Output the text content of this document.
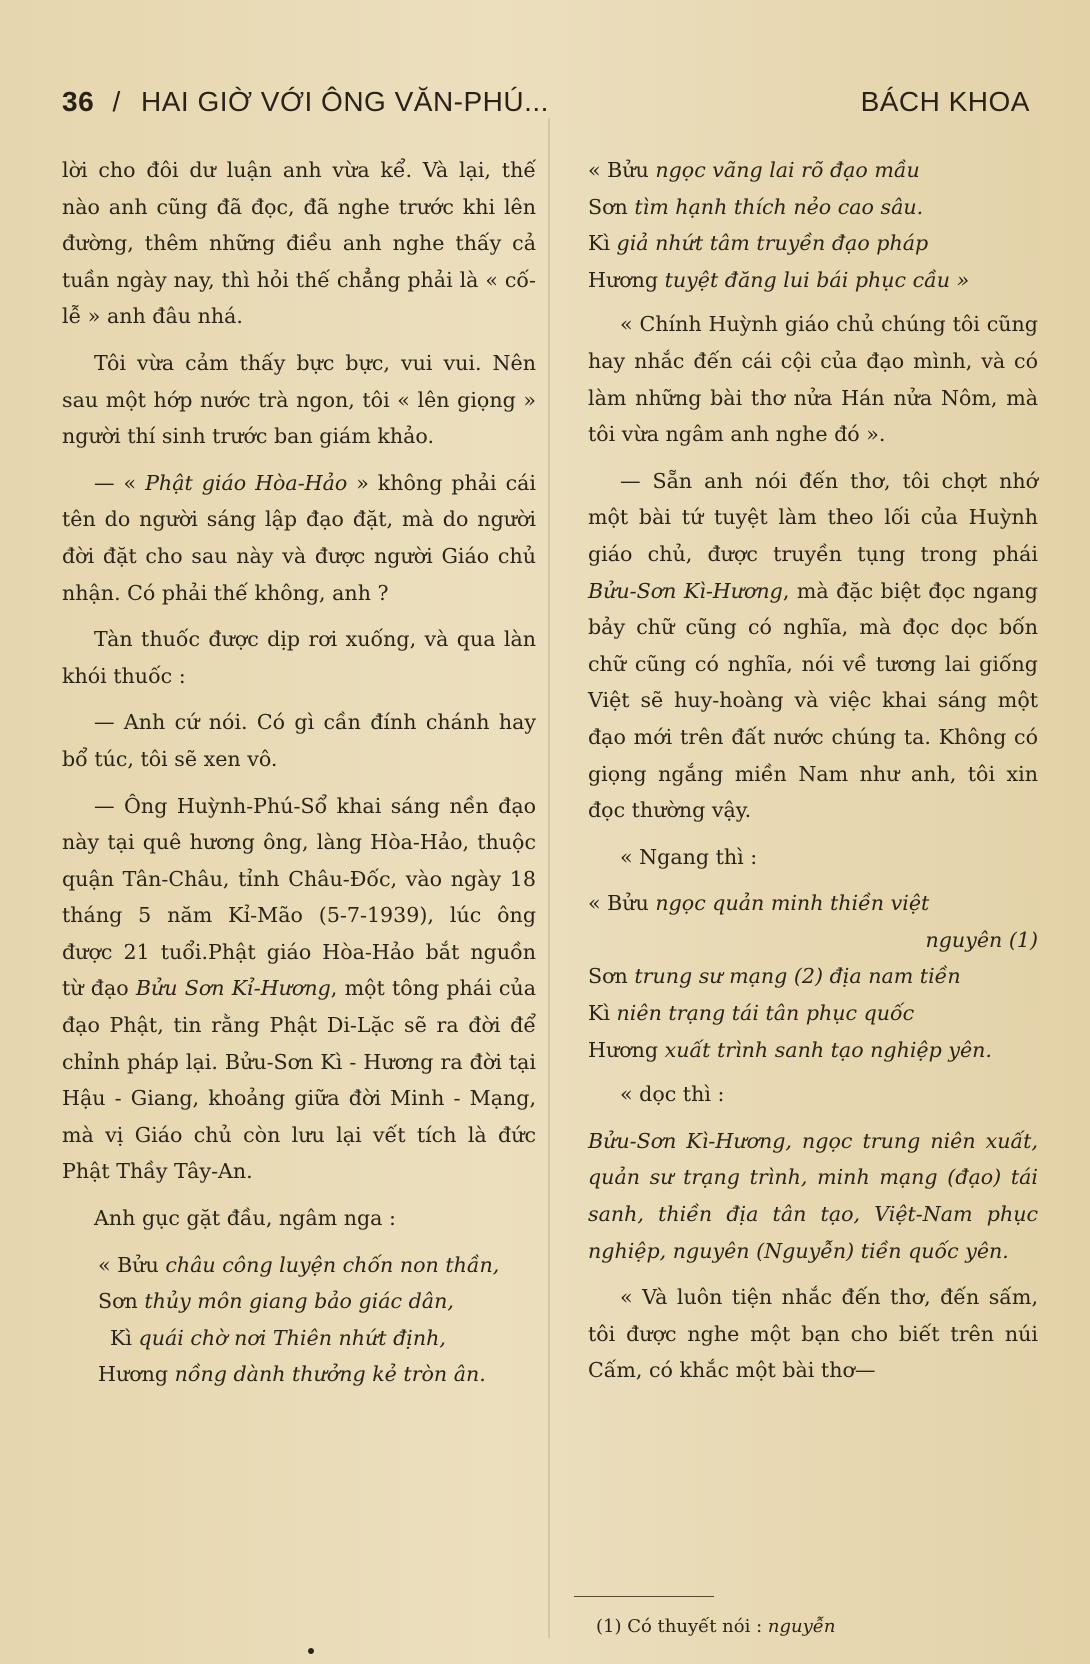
36 / HAI GIỜ VỚI ÔNG VĂN-PHÚ...	BÁCH KHOA

lời cho đôi dư luận anh vừa kể. Và lại, thế nào anh cũng đã đọc, đã nghe trước khi lên đường, thêm những điều anh nghe thấy cả tuần ngày nay, thì hỏi thế chẳng phải là « cố-lễ » anh đâu nhá.

Tôi vừa cảm thấy bực bực, vui vui. Nên sau một hớp nước trà ngon, tôi « lên giọng » người thí sinh trước ban giám khảo.

— « Phật giáo Hòa-Hảo » không phải cái tên do người sáng lập đạo đặt, mà do người đời đặt cho sau này và được người Giáo chủ nhận. Có phải thế không, anh ?

Tàn thuốc được dịp rơi xuống, và qua làn khói thuốc :

— Anh cứ nói. Có gì cần đính chánh hay bổ túc, tôi sẽ xen vô.

— Ông Huỳnh-Phú-Sổ khai sáng nền đạo này tại quê hương ông, làng Hòa-Hảo, thuộc quận Tân-Châu, tỉnh Châu-Đốc, vào ngày 18 tháng 5 năm Kỉ-Mão (5-7-1939), lúc ông được 21 tuổi.Phật giáo Hòa-Hảo bắt nguồn từ đạo Bửu Sơn Kỉ-Hương, một tông phái của đạo Phật, tin rằng Phật Di-Lặc sẽ ra đời để chỉnh pháp lại. Bửu-Sơn Kì - Hương ra đời tại Hậu - Giang, khoảng giữa đời Minh - Mạng, mà vị Giáo chủ còn lưu lại vết tích là đức Phật Thầy Tây-An.

Anh gục gặt đầu, ngâm nga :

« Bửu châu công luyện chốn non thần,
Sơn thủy môn giang bảo giác dân,
Kì quái chờ nơi Thiên nhứt định,
Hương nồng dành thưởng kẻ tròn ân.
« Bửu ngọc vãng lai rõ đạo mầu
Sơn tìm hạnh thích nẻo cao sâu.
Kì giả nhứt tâm truyền đạo pháp
Hương tuyệt đăng lui bái phục cầu »

« Chính Huỳnh giáo chủ chúng tôi cũng hay nhắc đến cái cội của đạo mình, và có làm những bài thơ nửa Hán nửa Nôm, mà tôi vừa ngâm anh nghe đó ».

— Sẵn anh nói đến thơ, tôi chợt nhớ một bài tứ tuyệt làm theo lối của Huỳnh giáo chủ, được truyền tụng trong phái Bửu-Sơn Kì-Hương, mà đặc biệt đọc ngang bảy chữ cũng có nghĩa, mà đọc dọc bốn chữ cũng có nghĩa, nói về tương lai giống Việt sẽ huy-hoàng và việc khai sáng một đạo mới trên đất nước chúng ta. Không có giọng ngắng miền Nam như anh, tôi xin đọc thường vậy.

« Ngang thì :

« Bửu ngọc quản minh thiền việt
nguyên (1)
Sơn trung sư mạng (2) địa nam tiền
Kì niên trạng tái tân phục quốc
Hương xuất trình sanh tạo nghiệp yên.

« dọc thì :

Bửu-Sơn Kì-Hương, ngọc trung niên xuất, quản sư trạng trình, minh mạng (đạo) tái sanh, thiền địa tân tạo, Việt-Nam phục nghiệp, nguyên (Nguyễn) tiền quốc yên.

« Và luôn tiện nhắc đến thơ, đến sấm, tôi được nghe một bạn cho biết trên núi Cấm, có khắc một bài thơ—

(1) Có thuyết nói : nguyễn
